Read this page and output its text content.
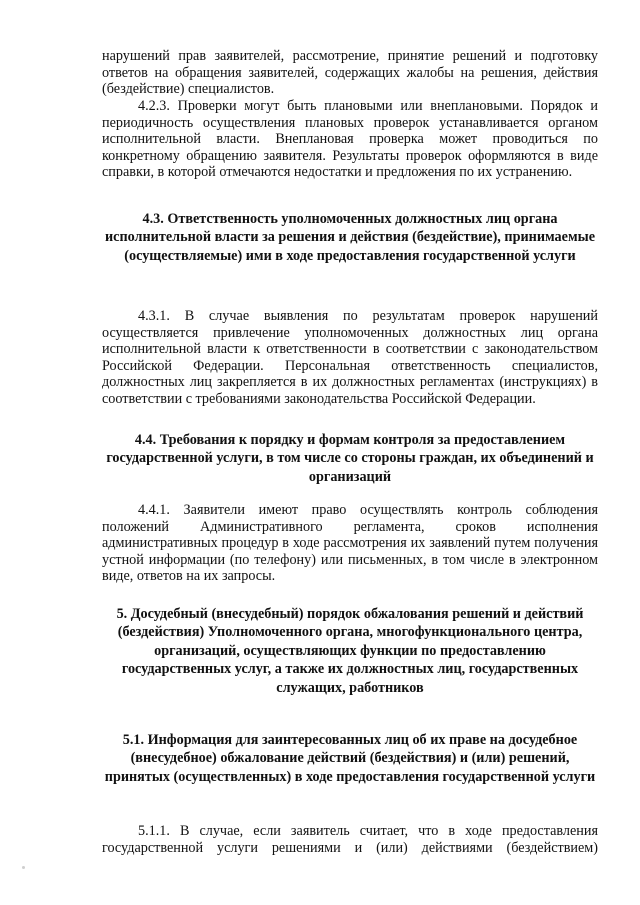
нарушений прав заявителей, рассмотрение, принятие решений и подготовку ответов на обращения заявителей, содержащих жалобы на решения, действия (бездействие) специалистов.

4.2.3. Проверки могут быть плановыми или внеплановыми. Порядок и периодичность осуществления плановых проверок устанавливается органом исполнительной власти. Внеплановая проверка может проводиться по конкретному обращению заявителя. Результаты проверок оформляются в виде справки, в которой отмечаются недостатки и предложения по их устранению.

4.3. Ответственность уполномоченных должностных лиц органа исполнительной власти за решения и действия (бездействие), принимаемые (осуществляемые) ими в ходе предоставления государственной услуги

4.3.1. В случае выявления по результатам проверок нарушений осуществляется привлечение уполномоченных должностных лиц органа исполнительной власти к ответственности в соответствии с законодательством Российской Федерации. Персональная ответственность специалистов, должностных лиц закрепляется в их должностных регламентах (инструкциях) в соответствии с требованиями законодательства Российской Федерации.

4.4. Требования к порядку и формам контроля за предоставлением государственной услуги, в том числе со стороны граждан, их объединений и организаций

4.4.1. Заявители имеют право осуществлять контроль соблюдения положений Административного регламента, сроков исполнения административных процедур в ходе рассмотрения их заявлений путем получения устной информации (по телефону) или письменных, в том числе в электронном виде, ответов на их запросы.

5. Досудебный (внесудебный) порядок обжалования решений и действий (бездействия) Уполномоченного органа, многофункционального центра, организаций, осуществляющих функции по предоставлению государственных услуг, а также их должностных лиц, государственных служащих, работников
5.1. Информация для заинтересованных лиц об их праве на досудебное (внесудебное) обжалование действий (бездействия) и (или) решений, принятых (осуществленных) в ходе предоставления государственной услуги

5.1.1. В случае, если заявитель считает, что в ходе предоставления государственной услуги решениями и (или) действиями (бездействием)
